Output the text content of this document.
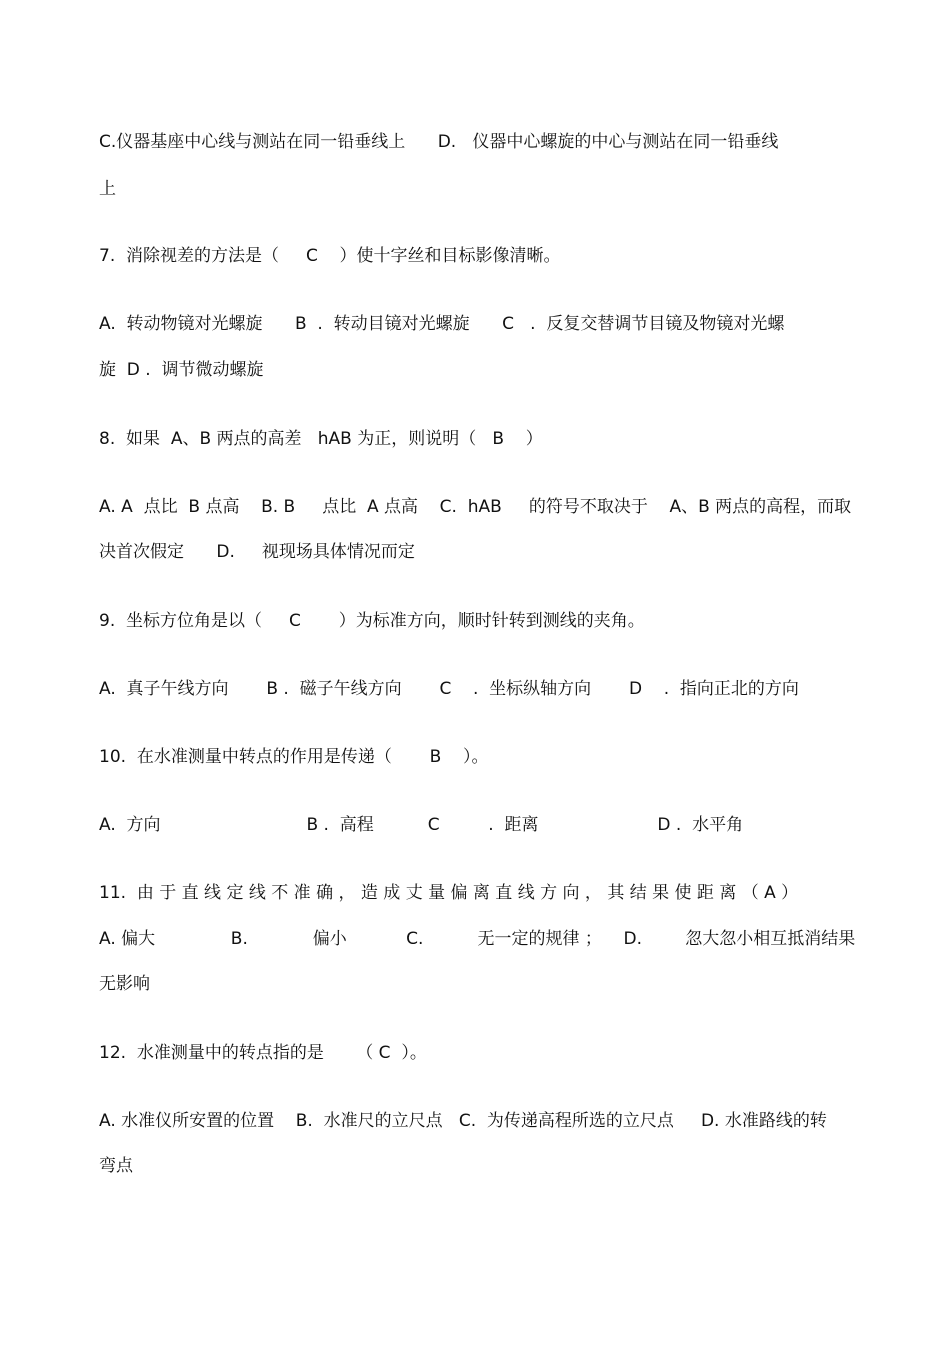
C.仪器基座中心线与测站在同一铅垂线上      D.   仪器中心螺旋的中心与测站在同一铅垂线
上
7.  消除视差的方法是（     C    ）使十字丝和目标影像清晰。
A.  转动物镜对光螺旋      B  .  转动目镜对光螺旋      C   .  反复交替调节目镜及物镜对光螺
旋  D .  调节微动螺旋
8.  如果  A、B 两点的高差   hAB 为正，则说明（   B    ）
A. A  点比  B 点高    B. B     点比  A 点高    C.  hAB     的符号不取决于    A、B 两点的高程，而取
决首次假定      D.     视现场具体情况而定
9.  坐标方位角是以（     C       ）为标准方向，顺时针转到测线的夹角。
A.  真子午线方向       B .  磁子午线方向       C    .  坐标纵轴方向       D    .  指向正北的方向
10.  在水准测量中转点的作用是传递（       B    ）。
A.  方向                           B .  高程          C         .  距离                      D .  水平角
11.  由 于 直 线 定 线 不 准 确 ， 造 成 丈 量 偏 离 直 线 方 向 ， 其 结 果 使 距 离 （ A ）
A. 偏大              B.            偏小           C.          无一定的规律 ；    D.        忽大忽小相互抵消结果
无影响
12.  水准测量中的转点指的是      （ C  ）。
A. 水准仪所安置的位置    B.  水准尺的立尺点   C.  为传递高程所选的立尺点     D. 水准路线的转
弯点
